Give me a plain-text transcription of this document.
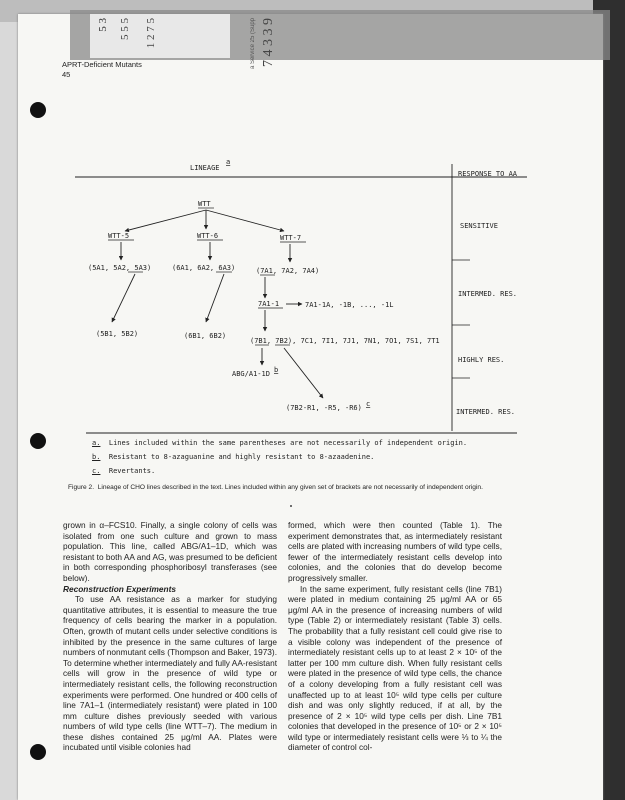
5 3 5 5 5 1 2 7 5	a Service 25 (Supp 7 4 3 3 9
APRT-Deficient Mutants
45
LINEAGE
a
RESPONSE TO AA
SENSITIVE
INTERMED. RES.
HIGHLY RES.
INTERMED. RES.
WTT
WTT-5	WTT-6	WTT-7
(5A1, 5A2, 5A3)	(6A1, 6A2, 6A3)	(7A1, 7A2, 7A4)
(5B1, 5B2)	(6B1, 6B2)
7A1-1	7A1-1A, -1B, ..., -1L
(7B1, 7B2), 7C1, 7I1, 7J1, 7N1, 7O1, 7S1, 7T1
ABG/A1-1D b
(7B2-R1, -R5, -R6) c
a. Lines included within the same parentheses are not necessarily of independent origin.
b. Resistant to 8-azaguanine and highly resistant to 8-azaadenine.
c. Revertants.
Figure 2. Lineage of CHO lines described in the text. Lines included within any given set of brackets are not necessarily of independent origin.

grown in α–FCS10. Finally, a single colony of cells was isolated from one such culture and grown to mass population. This line, called ABG/A1–1D, which was resistant to both AA and AG, was presumed to be deficient in both corresponding phosphoribosyl transferases (see below).

Reconstruction Experiments

To use AA resistance as a marker for studying quantitative attributes, it is essential to measure the true frequency of cells bearing the marker in a population. Often, growth of mutant cells under selective conditions is inhibited by the presence in the same cultures of large numbers of nonmutant cells (Thompson and Baker, 1973). To determine whether intermediately and fully AA-resistant cells will grow in the presence of wild type or intermediately resistant cells, the following reconstruction experiments were performed. One hundred or 400 cells of line 7A1–1 (intermediately resistant) were plated in 100 mm culture dishes previously seeded with various numbers of wild type cells (line WTT–7). The medium in these dishes contained 25 μg/ml AA. Plates were incubated until visible colonies had

formed, which were then counted (Table 1). The experiment demonstrates that, as intermediately resistant cells are plated with increasing numbers of wild type cells, fewer of the intermediately resistant cells develop into colonies, and the colonies that do develop become progressively smaller.

In the same experiment, fully resistant cells (line 7B1) were plated in medium containing 25 μg/ml AA or 65 μg/ml AA in the presence of increasing numbers of wild type (Table 2) or intermediately resistant (Table 3) cells. The probability that a fully resistant cell could give rise to a visible colony was independent of the presence of intermediately resistant cells up to at least 2 × 10⁵ of the latter per 100 mm culture dish. When fully resistant cells were plated in the presence of wild type cells, the chance of a colony developing from a fully resistant cell was unaffected up to at least 10⁵ wild type cells per culture dish and was only slightly reduced, if at all, by the presence of 2 × 10⁵ wild type cells per dish. Line 7B1 colonies that developed in the presence of 10⁵ or 2 × 10⁵ wild type or intermediately resistant cells were ⅓ to ¼ the diameter of control col-
